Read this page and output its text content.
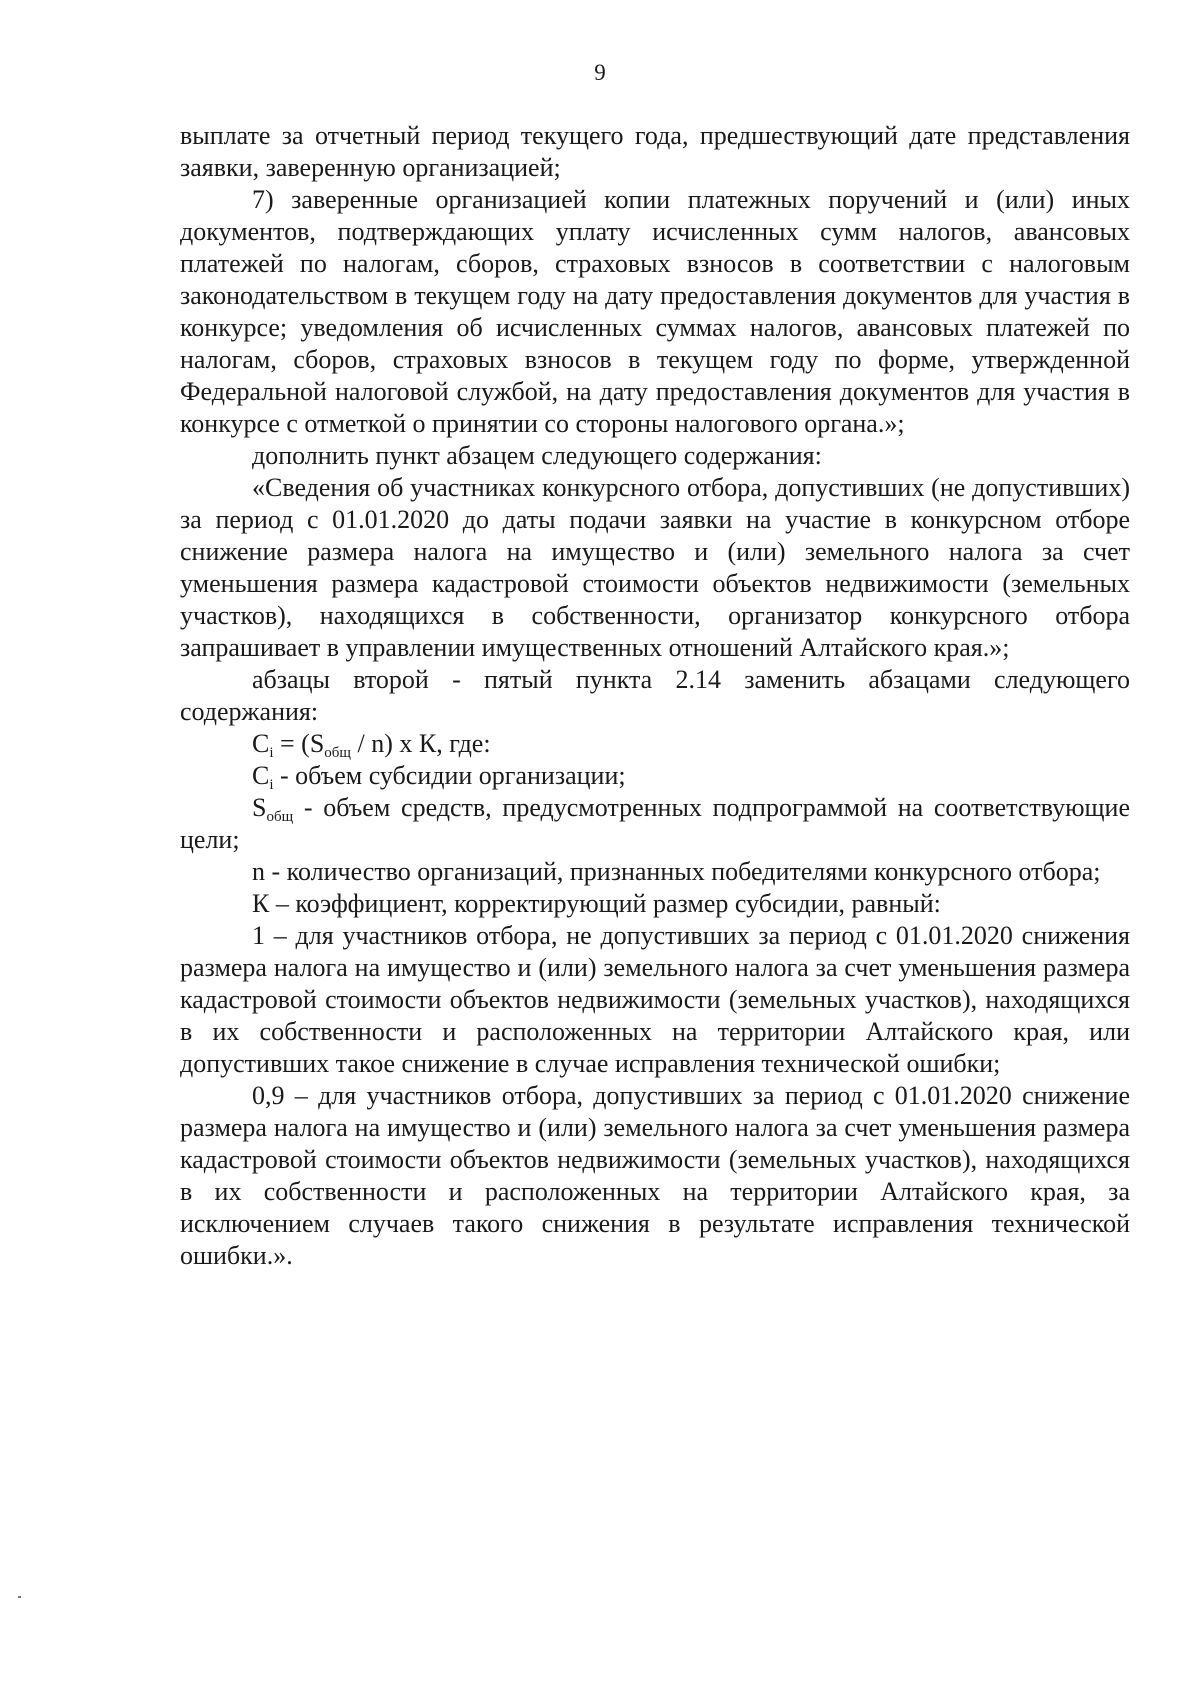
9
выплате за отчетный период текущего года, предшествующий дате представления заявки, заверенную организацией;
7) заверенные организацией копии платежных поручений и (или) иных документов, подтверждающих уплату исчисленных сумм налогов, авансовых платежей по налогам, сборов, страховых взносов в соответствии с налоговым законодательством в текущем году на дату предоставления документов для участия в конкурсе; уведомления об исчисленных суммах налогов, авансовых платежей по налогам, сборов, страховых взносов в текущем году по форме, утвержденной Федеральной налоговой службой, на дату предоставления документов для участия в конкурсе с отметкой о принятии со стороны налогового органа.»;
дополнить пункт абзацем следующего содержания:
«Сведения об участниках конкурсного отбора, допустивших (не допустивших) за период с 01.01.2020 до даты подачи заявки на участие в конкурсном отборе снижение размера налога на имущество и (или) земельного налога за счет уменьшения размера кадастровой стоимости объектов недвижимости (земельных участков), находящихся в собственности, организатор конкурсного отбора запрашивает в управлении имущественных отношений Алтайского края.»;
абзацы второй - пятый пункта 2.14 заменить абзацами следующего содержания:
$C_i = (S_{общ} / n)$ х К, где:
$C_i$ - объем субсидии организации;
$S_{общ}$ - объем средств, предусмотренных подпрограммой на соответствующие цели;
n - количество организаций, признанных победителями конкурсного отбора;
К – коэффициент, корректирующий размер субсидии, равный:
1 – для участников отбора, не допустивших за период с 01.01.2020 снижения размера налога на имущество и (или) земельного налога за счет уменьшения размера кадастровой стоимости объектов недвижимости (земельных участков), находящихся в их собственности и расположенных на территории Алтайского края, или допустивших такое снижение в случае исправления технической ошибки;
0,9 – для участников отбора, допустивших за период с 01.01.2020 снижение размера налога на имущество и (или) земельного налога за счет уменьшения размера кадастровой стоимости объектов недвижимости (земельных участков), находящихся в их собственности и расположенных на территории Алтайского края, за исключением случаев такого снижения в результате исправления технической ошибки.».
